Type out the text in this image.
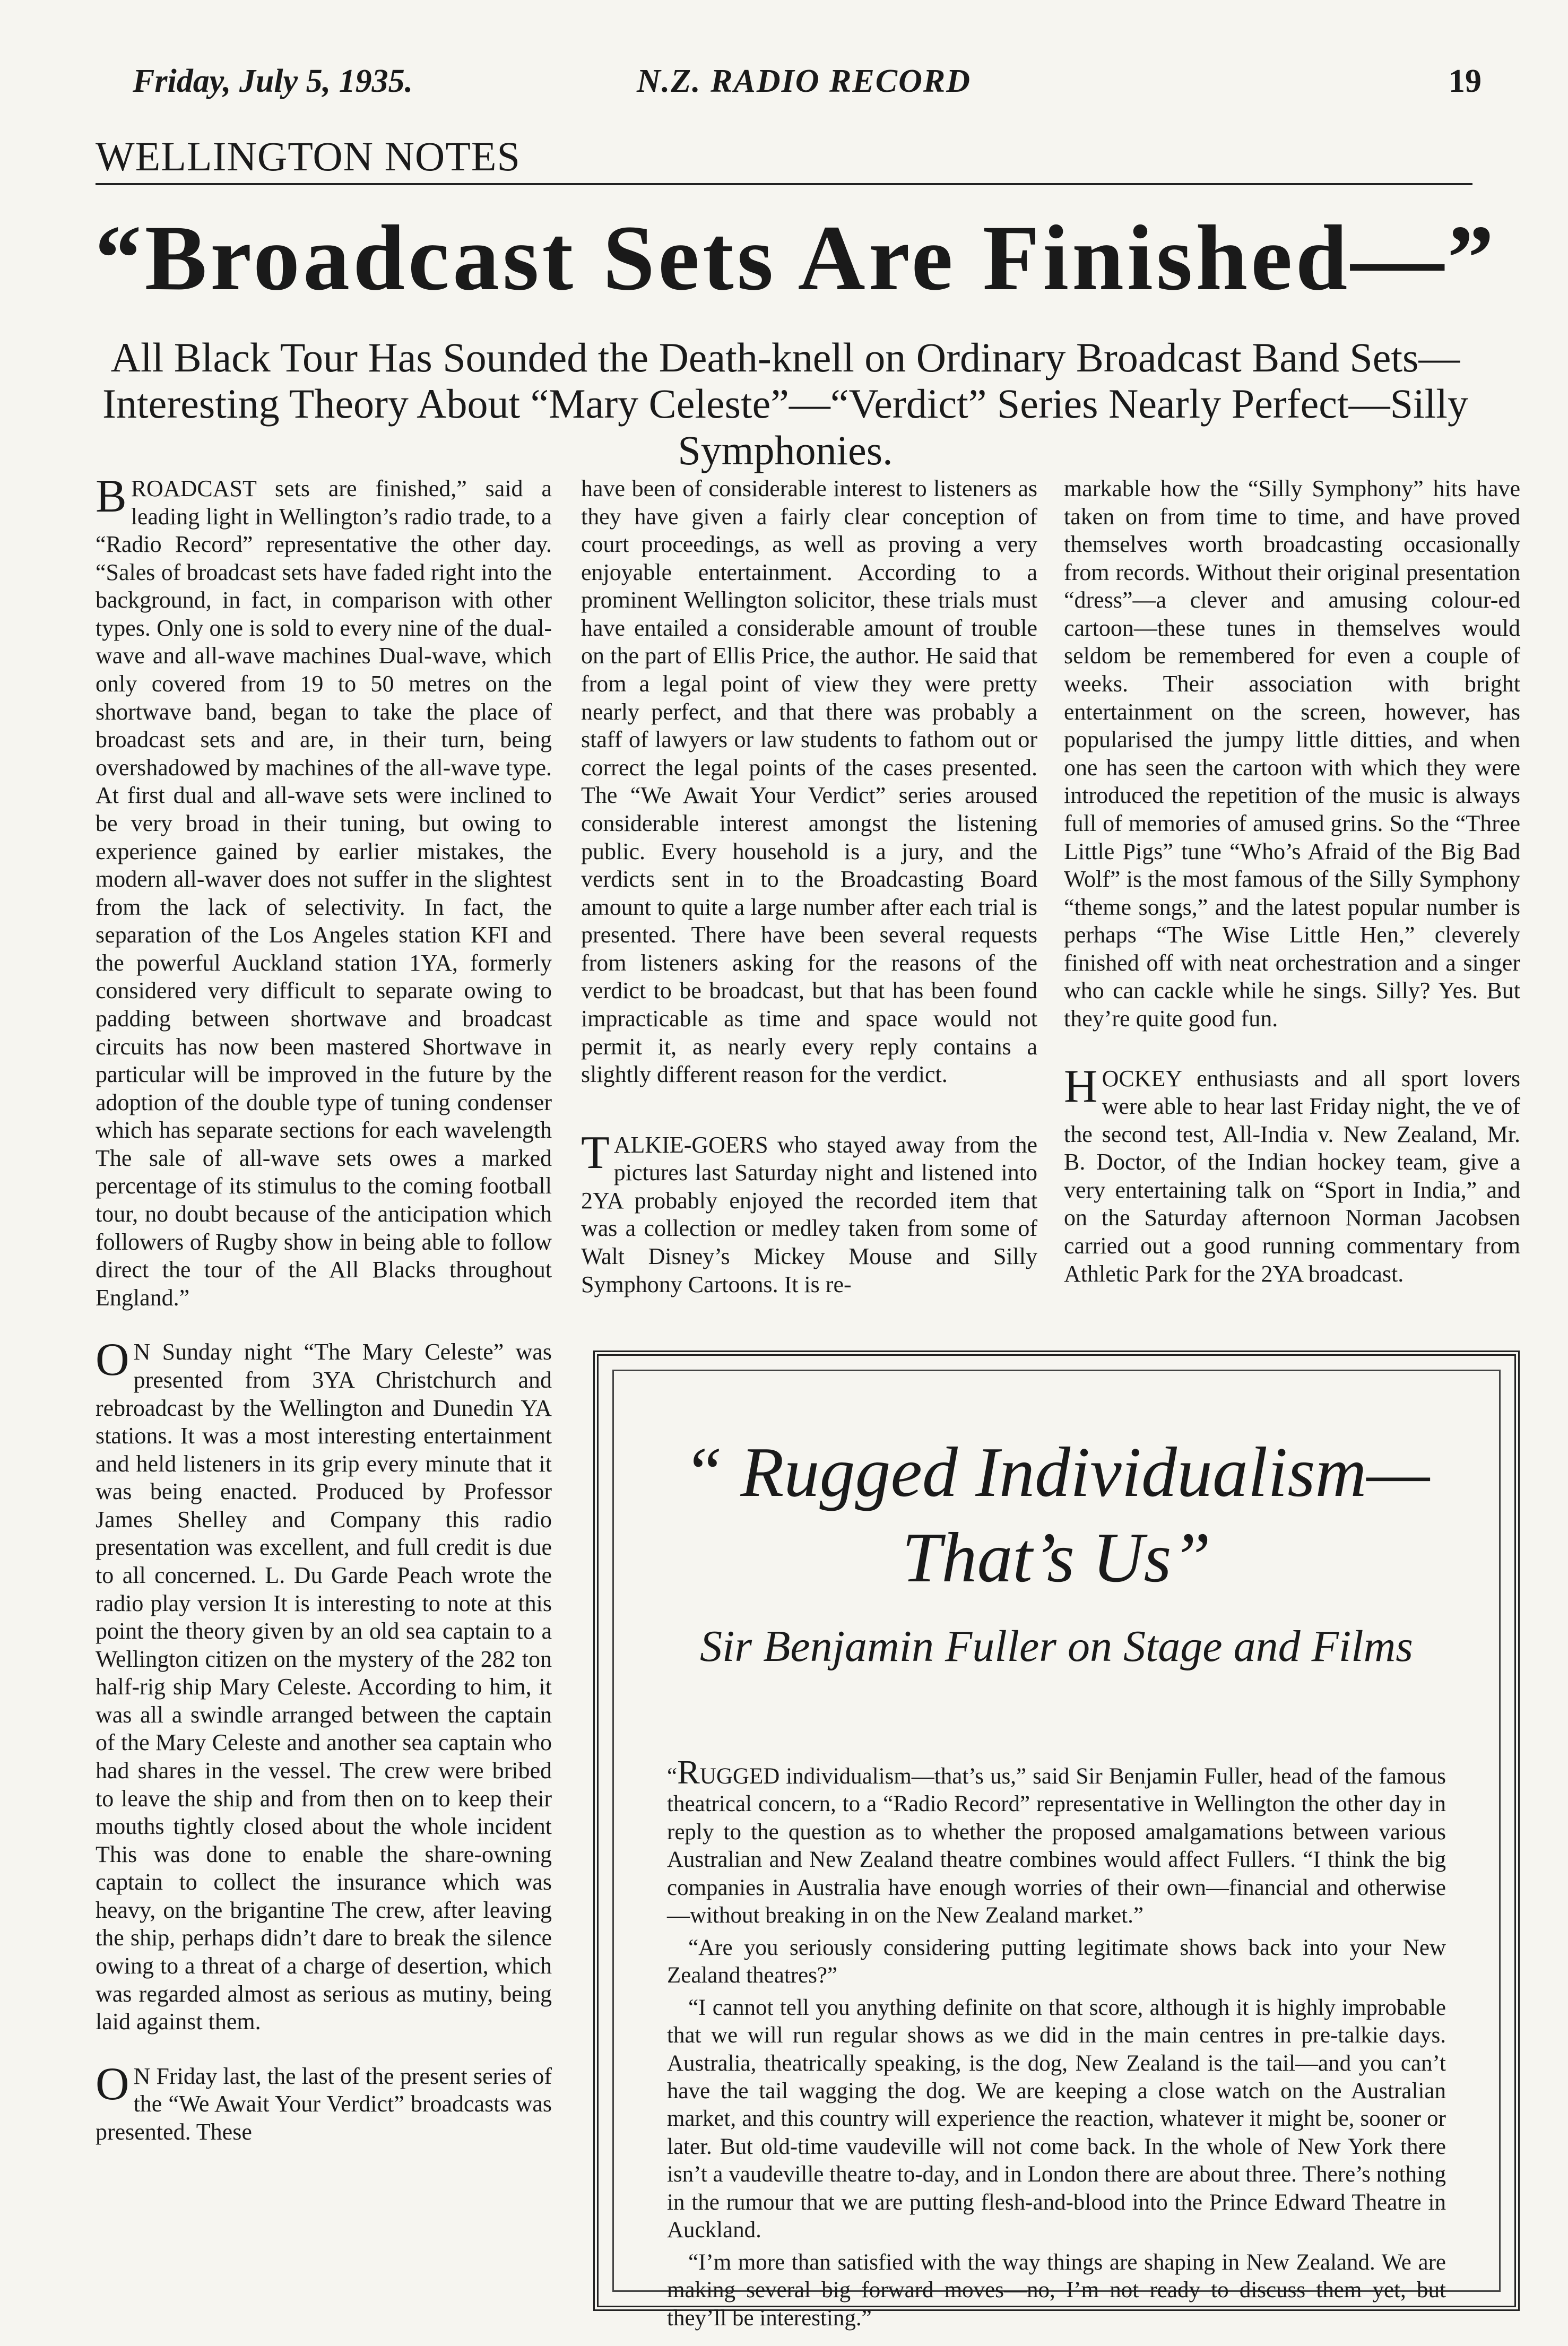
Friday, July 5, 1935.	N.Z. RADIO RECORD	19
WELLINGTON NOTES
“Broadcast Sets Are Finished—”
All Black Tour Has Sounded the Death-knell on Ordinary Broadcast Band Sets—Interesting Theory About “Mary Celeste”—“Verdict” Series Nearly Perfect—Silly Symphonies.

BROADCAST sets are finished,” said a leading light in Wellington’s radio trade, to a “Radio Record” representative the other day. “Sales of broadcast sets have faded right into the background, in fact, in comparison with other types. Only one is sold to every nine of the dual-wave and all-wave machines Dual-wave, which only covered from 19 to 50 metres on the shortwave band, began to take the place of broadcast sets and are, in their turn, being overshadowed by machines of the all-wave type. At first dual and all-wave sets were inclined to be very broad in their tuning, but owing to experience gained by earlier mistakes, the modern all-waver does not suffer in the slightest from the lack of selectivity. In fact, the separation of the Los Angeles station KFI and the powerful Auckland station 1YA, formerly considered very difficult to separate owing to padding between shortwave and broadcast circuits has now been mastered Shortwave in particular will be improved in the future by the adoption of the double type of tuning condenser which has separate sections for each wavelength The sale of all-wave sets owes a marked percentage of its stimulus to the coming football tour, no doubt because of the anticipation which followers of Rugby show in being able to follow direct the tour of the All Blacks throughout England.”

O N Sunday night “The Mary Celeste” was presented from 3YA Christchurch and rebroadcast by the Wellington and Dunedin YA stations. It was a most interesting entertainment and held listeners in its grip every minute that it was being enacted. Produced by Professor James Shelley and Company this radio presentation was excellent, and full credit is due to all concerned. L. Du Garde Peach wrote the radio play version It is interesting to note at this point the theory given by an old sea captain to a Wellington citizen on the mystery of the 282 ton half-rig ship Mary Celeste. According to him, it was all a swindle arranged between the captain of the Mary Celeste and another sea captain who had shares in the vessel. The crew were bribed to leave the ship and from then on to keep their mouths tightly closed about the whole incident This was done to enable the share-owning captain to collect the insurance which was heavy, on the brigantine The crew, after leaving the ship, perhaps didn’t dare to break the silence owing to a threat of a charge of desertion, which was regarded almost as serious as mutiny, being laid against them.

O N Friday last, the last of the present series of the “We Await Your Verdict” broadcasts was presented. These

have been of considerable interest to listeners as they have given a fairly clear conception of court proceedings, as well as proving a very enjoyable entertainment. According to a prominent Wellington solicitor, these trials must have entailed a considerable amount of trouble on the part of Ellis Price, the author. He said that from a legal point of view they were pretty nearly perfect, and that there was probably a staff of lawyers or law students to fathom out or correct the legal points of the cases presented. The “We Await Your Verdict” series aroused considerable interest amongst the listening public. Every household is a jury, and the verdicts sent in to the Broadcasting Board amount to quite a large number after each trial is presented. There have been several requests from listeners asking for the reasons of the verdict to be broadcast, but that has been found impracticable as time and space would not permit it, as nearly every reply contains a slightly different reason for the verdict.

TALKIE-GOERS who stayed away from the pictures last Saturday night and listened into 2YA probably enjoyed the recorded item that was a collection or medley taken from some of Walt Disney’s Mickey Mouse and Silly Symphony Cartoons. It is re-

markable how the “Silly Symphony” hits have taken on from time to time, and have proved themselves worth broadcasting occasionally from records. Without their original presentation “dress”—a clever and amusing colour-ed cartoon—these tunes in themselves would seldom be remembered for even a couple of weeks. Their association with bright entertainment on the screen, however, has popularised the jumpy little ditties, and when one has seen the cartoon with which they were introduced the repetition of the music is always full of memories of amused grins. So the “Three Little Pigs” tune “Who’s Afraid of the Big Bad Wolf” is the most famous of the Silly Symphony “theme songs,” and the latest popular number is perhaps “The Wise Little Hen,” cleverely finished off with neat orchestration and a singer who can cackle while he sings. Silly? Yes. But they’re quite good fun.

HOCKEY enthusiasts and all sport lovers were able to hear last Friday night, the ve of the second test, All-India v. New Zealand, Mr. B. Doctor, of the Indian hockey team, give a very entertaining talk on “Sport in India,” and on the Saturday afternoon Norman Jacobsen carried out a good running commentary from Athletic Park for the 2YA broadcast.

“ Rugged Individualism—
That’s Us”
Sir Benjamin Fuller on Stage and Films

“RUGGED individualism—that’s us,” said Sir Benjamin Fuller, head of the famous theatrical concern, to a “Radio Record” representative in Wellington the other day in reply to the question as to whether the proposed amalgamations between various Australian and New Zealand theatre combines would affect Fullers. “I think the big companies in Australia have enough worries of their own—financial and otherwise—without breaking in on the New Zealand market.”

“Are you seriously considering putting legitimate shows back into your New Zealand theatres?”

“I cannot tell you anything definite on that score, although it is highly improbable that we will run regular shows as we did in the main centres in pre-talkie days. Australia, theatrically speaking, is the dog, New Zealand is the tail—and you can’t have the tail wagging the dog. We are keeping a close watch on the Australian market, and this country will experience the reaction, whatever it might be, sooner or later. But old-time vaudeville will not come back. In the whole of New York there isn’t a vaudeville theatre to-day, and in London there are about three. There’s nothing in the rumour that we are putting flesh-and-blood into the Prince Edward Theatre in Auckland.

“I’m more than satisfied with the way things are shaping in New Zealand. We are making several big forward moves—no, I’m not ready to discuss them yet, but they’ll be interesting.”
